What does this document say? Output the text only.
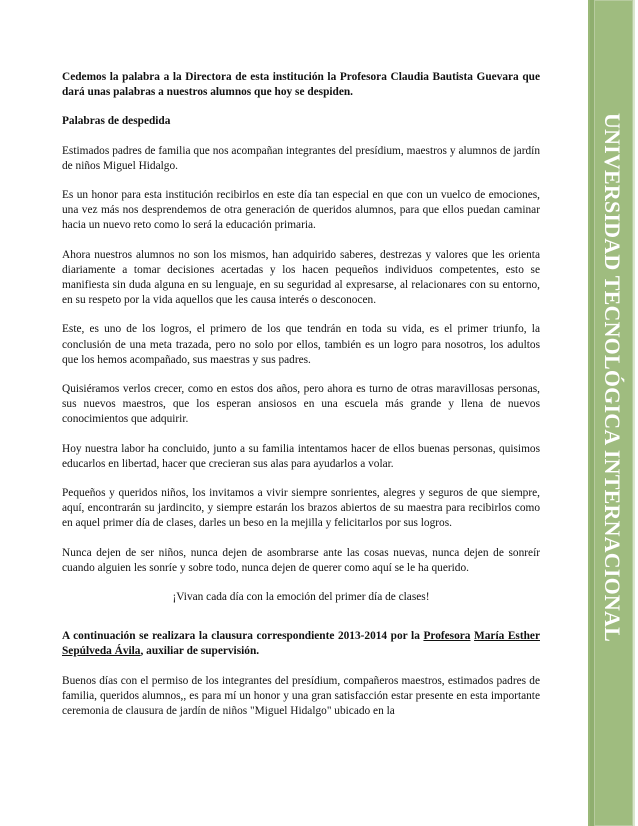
Cedemos la palabra a la Directora de esta institución la Profesora Claudia Bautista Guevara que dará unas palabras a nuestros alumnos que hoy se despiden.

Palabras de despedida

Estimados padres de familia que nos acompañan integrantes del presídium, maestros y alumnos de jardín de niños Miguel Hidalgo.

Es un honor para esta institución recibirlos en este día tan especial en que con un vuelco de emociones, una vez más nos desprendemos de otra generación de queridos alumnos, para que ellos puedan caminar hacia un nuevo reto como lo será la educación primaria.

Ahora nuestros alumnos no son los mismos, han adquirido saberes, destrezas y valores que les orienta diariamente a tomar decisiones acertadas y los hacen pequeños individuos competentes, esto se manifiesta sin duda alguna en su lenguaje, en su seguridad al expresarse, al relacionares con su entorno, en su respeto por la vida aquellos que les causa interés o desconocen.

Este, es uno de los logros, el primero de los que tendrán en toda su vida, es el primer triunfo, la conclusión de una meta trazada, pero no solo por ellos, también es un logro para nosotros, los adultos que los hemos acompañado, sus maestras y sus padres.

Quisiéramos verlos crecer, como en estos dos años, pero ahora es turno de otras maravillosas personas, sus nuevos maestros, que los esperan ansiosos en una escuela más grande y llena de nuevos conocimientos que adquirir.

Hoy nuestra labor ha concluido, junto a su familia intentamos hacer de ellos buenas personas, quisimos educarlos en libertad, hacer que crecieran sus alas para ayudarlos a volar.

Pequeños y queridos niños, los invitamos a vivir siempre sonrientes, alegres y seguros de que siempre, aquí, encontrarán su jardincito, y siempre estarán los brazos abiertos de su maestra para recibirlos como en aquel primer día de clases, darles un beso en la mejilla y felicitarlos por sus logros.

Nunca dejen de ser niños, nunca dejen de asombrarse ante las cosas nuevas, nunca dejen de sonreír cuando alguien les sonríe y sobre todo, nunca dejen de querer como aquí se le ha querido.

¡Vivan cada día con la emoción del primer día de clases!

A continuación se realizara la clausura correspondiente 2013-2014 por la Profesora María Esther Sepúlveda Ávila, auxiliar de supervisión.

Buenos días con el permiso de los integrantes del presídium, compañeros maestros, estimados padres de familia, queridos alumnos,, es para mí un honor y una gran satisfacción estar presente en esta importante ceremonia de clausura de jardín de niños "Miguel Hidalgo" ubicado en la

UNIVERSIDAD TECNOLÓGICA INTERNACIONAL
